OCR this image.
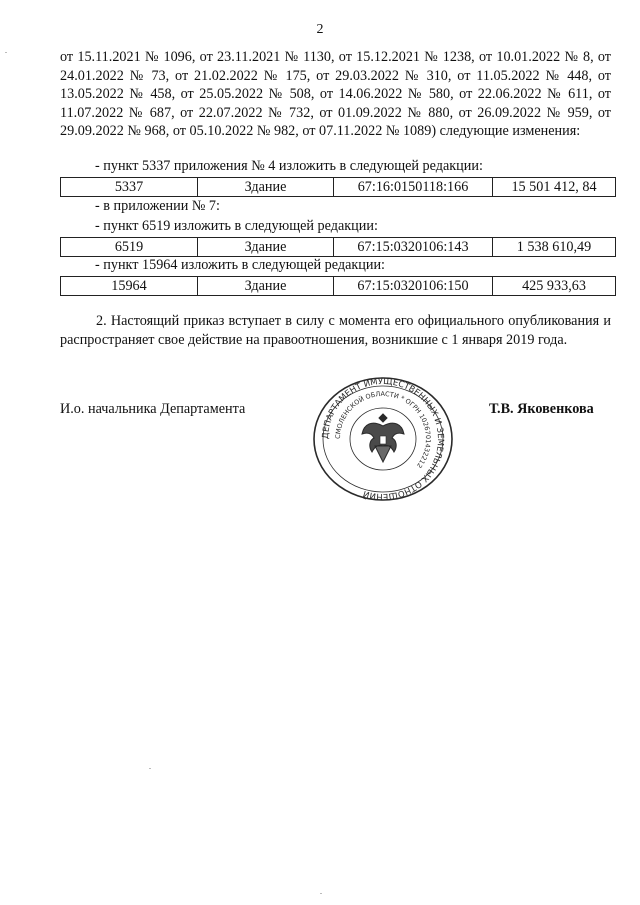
2
от 15.11.2021 № 1096, от 23.11.2021 № 1130, от 15.12.2021 № 1238, от 10.01.2022 № 8, от 24.01.2022 № 73, от 21.02.2022 № 175, от 29.03.2022 № 310, от 11.05.2022 № 448, от 13.05.2022 № 458, от 25.05.2022 № 508, от 14.06.2022 № 580, от 22.06.2022 № 611, от 11.07.2022 № 687, от 22.07.2022 № 732, от 01.09.2022 № 880, от 26.09.2022 № 959, от 29.09.2022 № 968, от 05.10.2022 № 982, от 07.11.2022 № 1089) следующие изменения:
- пункт 5337 приложения № 4 изложить в следующей редакции:
5337	Здание	67:16:0150118:166	15 501 412, 84
- в приложении № 7:
- пункт 6519 изложить в следующей редакции:
6519	Здание	67:15:0320106:143	1 538 610,49
- пункт 15964 изложить в следующей редакции:
15964	Здание	67:15:0320106:150	425 933,63
2. Настоящий приказ вступает в силу с момента его официального опубликования и распространяет свое действие на правоотношения, возникшие с 1 января 2019 года.
И.о. начальника Департамента
ДЕПАРТАМЕНТ ИМУЩЕСТВЕННЫХ И ЗЕМЕЛЬНЫХ ОТНОШЕНИЙ
СМОЛЕНСКОЙ ОБЛАСТИ * ОГРН 1026701432212
Т.В. Яковенкова
